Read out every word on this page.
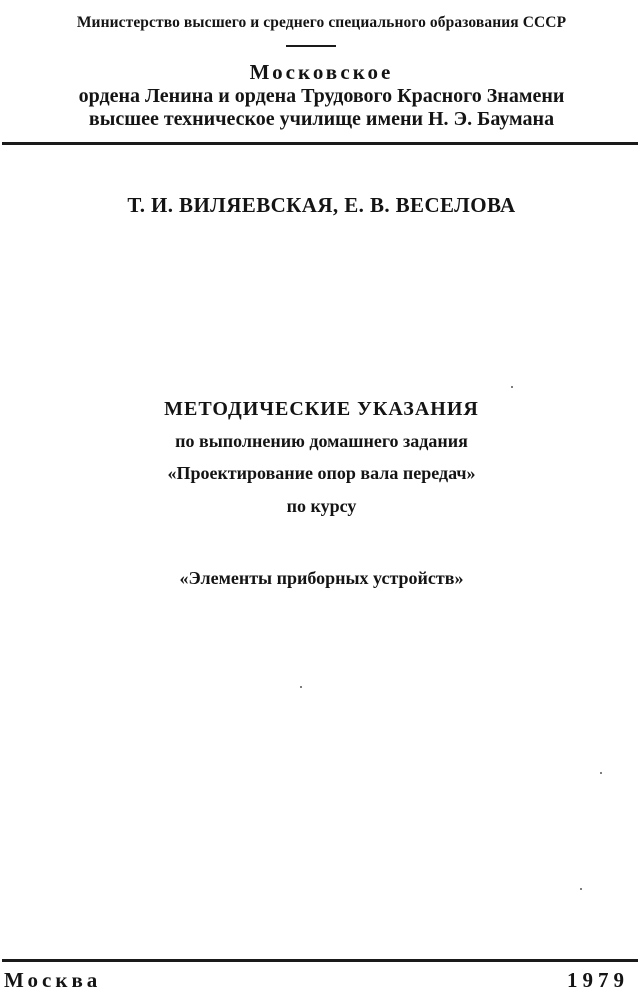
Министерство высшего и среднего специального образования СССР
Московское
ордена Ленина и ордена Трудового Красного Знамени
высшее техническое училище имени Н. Э. Баумана
Т. И. ВИЛЯЕВСКАЯ, Е. В. ВЕСЕЛОВА
МЕТОДИЧЕСКИЕ УКАЗАНИЯ
по выполнению домашнего задания
«Проектирование опор вала передач»
по курсу
«Элементы приборных устройств»
Москва	1979
